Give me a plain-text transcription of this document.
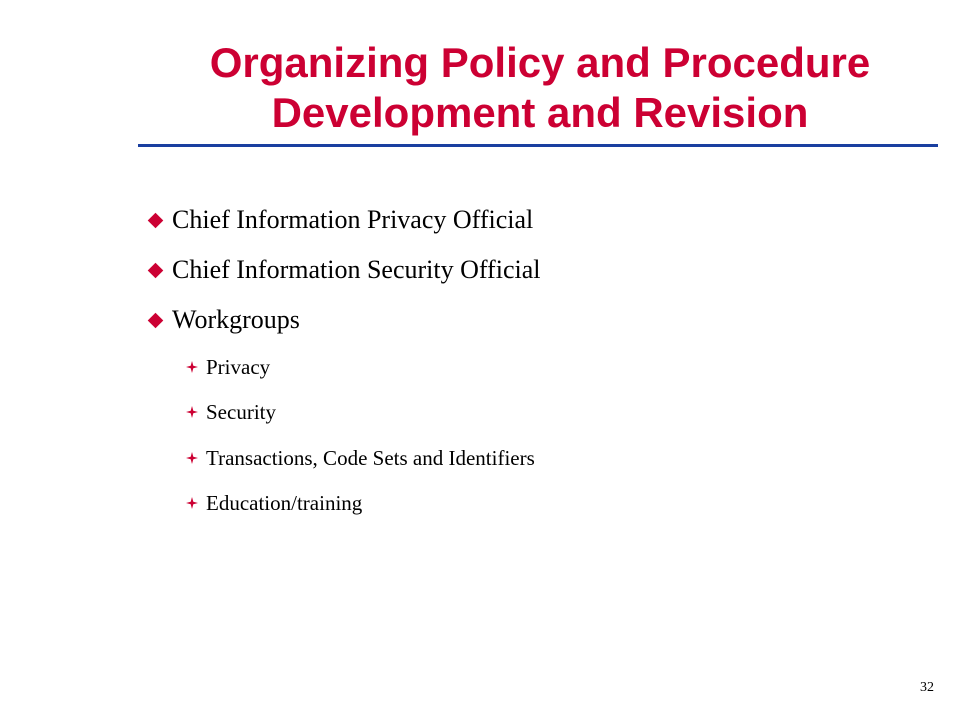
Organizing Policy and Procedure
Development and Revision
Chief Information Privacy Official
Chief Information Security Official
Workgroups
Privacy
Security
Transactions, Code Sets and Identifiers
Education/training
32
